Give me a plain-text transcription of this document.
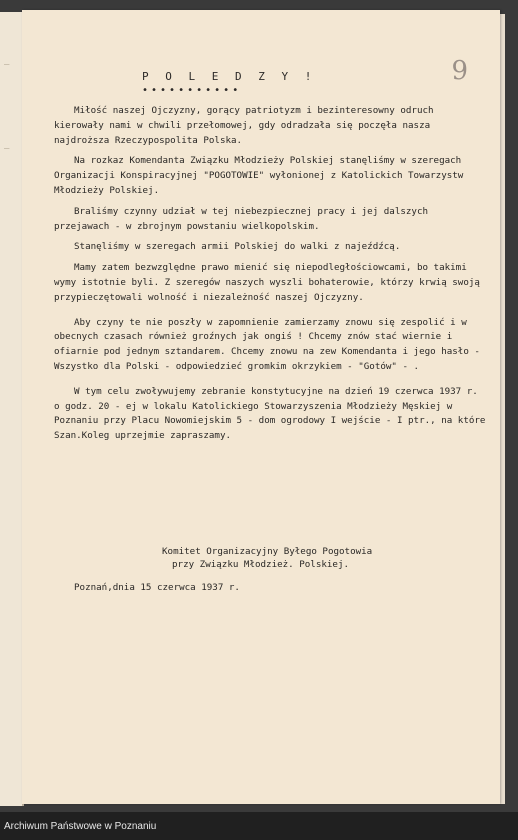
—
—
9
P O L E D Z Y !
•••••••••••

Miłość naszej Ojczyzny, gorący patriotyzm i bezinteresowny odruch kierowały nami w chwili przełomowej, gdy odradzała się poczęła nasza najdroższa Rzeczypospolita Polska.

Na rozkaz Komendanta Związku Młodzieży Polskiej stanęliśmy w szeregach Organizacji Konspiracyjnej "POGOTOWIE" wyłonionej z Katolickich Towarzystw Młodzieży Polskiej.

Braliśmy czynny udział w tej niebezpiecznej pracy i jej dalszych przejawach - w zbrojnym powstaniu wielkopolskim.

Stanęliśmy w szeregach armii Polskiej do walki z najeźdźcą.

Mamy zatem bezwzględne prawo mienić się niepodległościowcami, bo takimi wymy istotnie byli. Z szeregów naszych wyszli bohaterowie, którzy krwią swoją przypieczętowali wolność i niezależność naszej Ojczyzny.

Aby czyny te nie poszły w zapomnienie zamierzamy znowu się zespolić i w obecnych czasach również groźnych jak ongiś ! Chcemy znów stać wiernie i ofiarnie pod jednym sztandarem. Chcemy znowu na zew Komendanta i jego hasło - Wszystko dla Polski - odpowiedzieć gromkim okrzykiem - "Gotów" - .

W tym celu zwoływujemy zebranie konstytucyjne na dzień 19 czerwca 1937 r. o godz. 20 - ej w lokalu Katolickiego Stowarzyszenia Młodzieży Męskiej w Poznaniu przy Placu Nowomiejskim 5 - dom ogrodowy I wejście - I ptr., na które Szan.Koleg uprzejmie zapraszamy.

Komitet Organizacyjny Byłego Pogotowia
przy Związku Młodzież. Polskiej.
Poznań,dnia 15 czerwca 1937 r.
Archiwum Państwowe w Poznaniu
